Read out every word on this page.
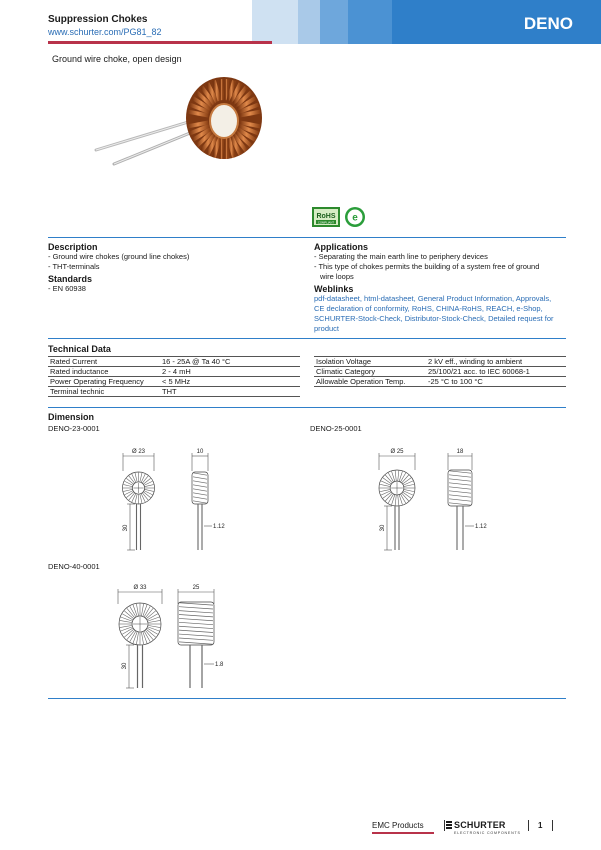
Suppression Chokes
www.schurter.com/PG81_82	DENO
Ground wire choke, open design
RoHS
COMPLIANT e
Description
- Ground wire chokes (ground line chokes)
- THT-terminals
Standards
- EN 60938
Applications
- Separating the main earth line to periphery devices
- This type of chokes permits the building of a system free of ground
wire loops
Weblinks
pdf-datasheet, html-datasheet, General Product Information, Approvals,
CE declaration of conformity, RoHS, CHINA-RoHS, REACH, e-Shop,
SCHURTER-Stock-Check, Distributor-Stock-Check, Detailed request for
product
Technical Data
Rated Current	16 - 25A @ Ta 40 °C
Rated inductance	2 - 4 mH
Power Operating Frequency	< 5 MHz
Terminal technic	THT
Isolation Voltage	2 kV eff., winding to ambient
Climatic Category	25/100/21 acc. to IEC 60068-1
Allowable Operation Temp.	-25 °C to 100 °C
Dimension
DENO-23-0001	DENO-25-0001
DENO-40-0001
Ø 23
30
10
1.12
Ø 25
30
18
1.12
Ø 33
30
25
1.8
EMC Products	SCHURTER
ELECTRONIC COMPONENTS
1
